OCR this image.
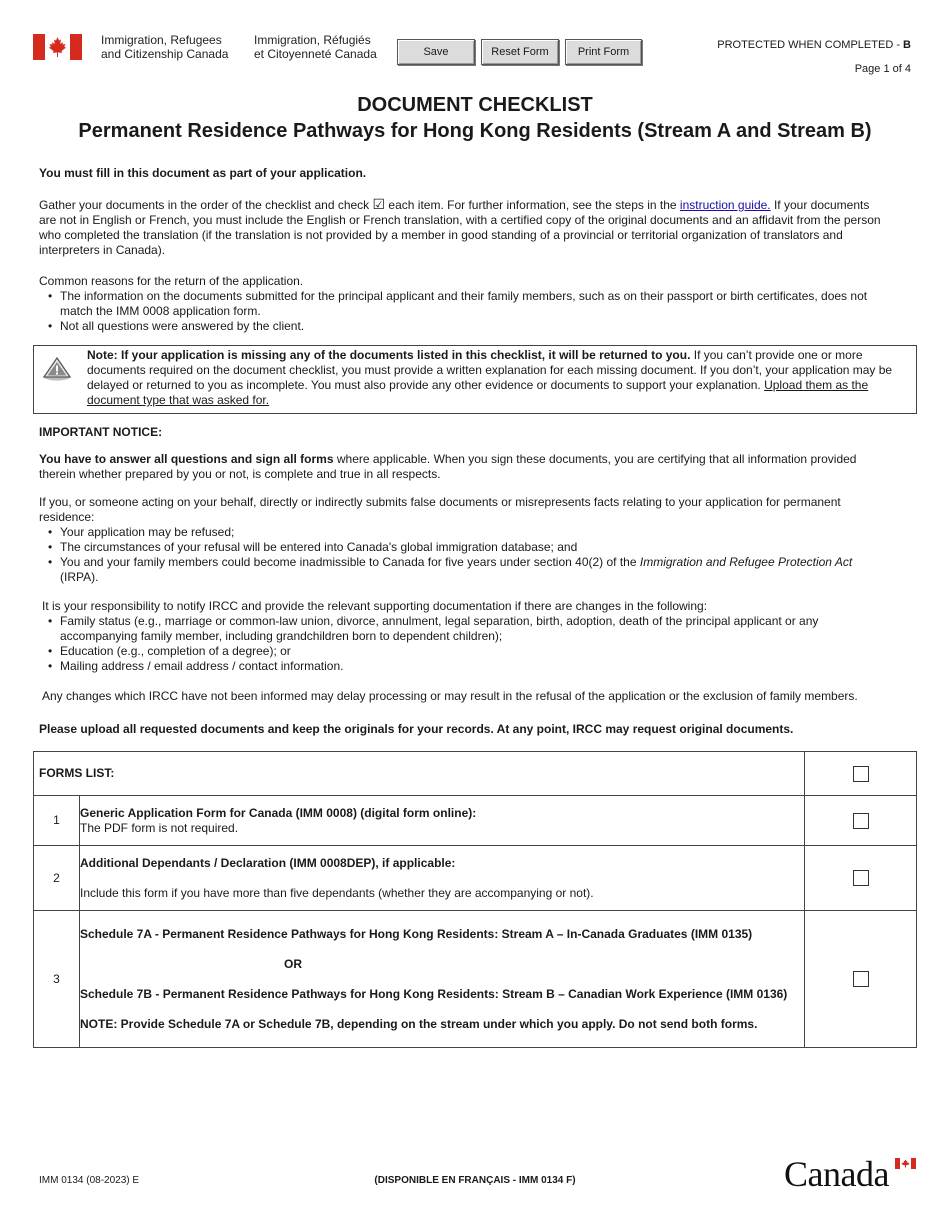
Immigration, Refugees
and Citizenship Canada
Immigration, Réfugiés
et Citoyenneté Canada	Save	Reset Form	Print Form
PROTECTED WHEN COMPLETED - B
Page 1 of 4
DOCUMENT CHECKLIST
Permanent Residence Pathways for Hong Kong Residents (Stream A and Stream B)
You must fill in this document as part of your application.
Gather your documents in the order of the checklist and check ☑ each item. For further information, see the steps in the instruction guide. If your documents are not in English or French, you must include the English or French translation, with a certified copy of the original documents and an affidavit from the person who completed the translation (if the translation is not provided by a member in good standing of a provincial or territorial organization of translators and interpreters in Canada).
Common reasons for the return of the application.
• The information on the documents submitted for the principal applicant and their family members, such as on their passport or birth certificates, does not match the IMM 0008 application form.
• Not all questions were answered by the client.
Note: If your application is missing any of the documents listed in this checklist, it will be returned to you. If you can’t provide one or more documents required on the document checklist, you must provide a written explanation for each missing document. If you don’t, your application may be delayed or returned to you as incomplete. You must also provide any other evidence or documents to support your explanation. Upload them as the document type that was asked for.
IMPORTANT NOTICE:
You have to answer all questions and sign all forms where applicable. When you sign these documents, you are certifying that all information provided therein whether prepared by you or not, is complete and true in all respects.
If you, or someone acting on your behalf, directly or indirectly submits false documents or misrepresents facts relating to your application for permanent residence:
• Your application may be refused;
• The circumstances of your refusal will be entered into Canada's global immigration database; and
• You and your family members could become inadmissible to Canada for five years under section 40(2) of the Immigration and Refugee Protection Act (IRPA).
It is your responsibility to notify IRCC and provide the relevant supporting documentation if there are changes in the following:
• Family status (e.g., marriage or common-law union, divorce, annulment, legal separation, birth, adoption, death of the principal applicant or any accompanying family member, including grandchildren born to dependent children);
• Education (e.g., completion of a degree); or
• Mailing address / email address / contact information.
Any changes which IRCC have not been informed may delay processing or may result in the refusal of the application or the exclusion of family members.
Please upload all requested documents and keep the originals for your records. At any point, IRCC may request original documents.
FORMS LIST:		
1	Generic Application Form for Canada (IMM 0008) (digital form online):
The PDF form is not required.	

2	Additional Dependants / Declaration (IMM 0008DEP), if applicable:
Include this form if you have more than five dependants (whether they are accompanying or not).	

3	Schedule 7A - Permanent Residence Pathways for Hong Kong Residents: Stream A – In-Canada Graduates (IMM 0135)
OR
Schedule 7B - Permanent Residence Pathways for Hong Kong Residents: Stream B – Canadian Work Experience (IMM 0136)
NOTE: Provide Schedule 7A or Schedule 7B, depending on the stream under which you apply. Do not send both forms.	

IMM 0134 (08-2023) E	(DISPONIBLE EN FRANÇAIS - IMM 0134 F)	Canada
